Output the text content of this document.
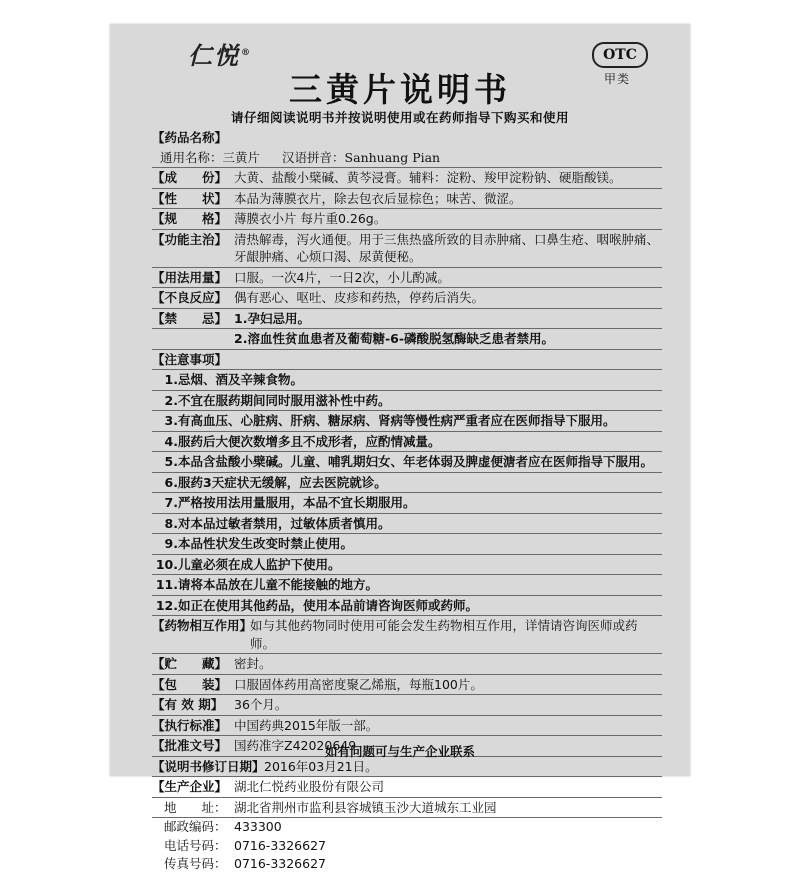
仁悦®
三黄片说明书
OTC
甲类
请仔细阅读说明书并按说明使用或在药师指导下购买和使用
【药品名称】
通用名称： 三黄片 汉语拼音： Sanhuang Pian
【成　　份】 大黄、盐酸小檗碱、黄芩浸膏。辅料：淀粉、羧甲淀粉钠、硬脂酸镁。
【性　　状】 本品为薄膜衣片，除去包衣后显棕色；味苦、微涩。
【规　　格】 薄膜衣小片 每片重0.26g。
【功能主治】 清热解毒，泻火通便。用于三焦热盛所致的目赤肿痛、口鼻生疮、咽喉肿痛、牙龈肿痛、心烦口渴、尿黄便秘。
【用法用量】 口服。一次4片，一日2次，小儿酌减。
【不良反应】 偶有恶心、呕吐、皮疹和药热，停药后消失。
【禁　　忌】 1.孕妇忌用。
2.溶血性贫血患者及葡萄糖-6-磷酸脱氢酶缺乏患者禁用。
【注意事项】
1. 忌烟、酒及辛辣食物。
2. 不宜在服药期间同时服用滋补性中药。
3. 有高血压、心脏病、肝病、糖尿病、肾病等慢性病严重者应在医师指导下服用。
4. 服药后大便次数增多且不成形者，应酌情减量。
5. 本品含盐酸小檗碱。儿童、哺乳期妇女、年老体弱及脾虚便溏者应在医师指导下服用。
6. 服药3天症状无缓解，应去医院就诊。
7. 严格按用法用量服用，本品不宜长期服用。
8. 对本品过敏者禁用，过敏体质者慎用。
9. 本品性状发生改变时禁止使用。
10. 儿童必须在成人监护下使用。
11. 请将本品放在儿童不能接触的地方。
12. 如正在使用其他药品，使用本品前请咨询医师或药师。
【药物相互作用】
如与其他药物同时使用可能会发生药物相互作用，详情请咨询医师或药师。
【贮　　藏】 密封。
【包　　装】 口服固体药用高密度聚乙烯瓶，每瓶100片。
【有 效 期】 36个月。
【执行标准】 中国药典2015年版一部。
【批准文号】 国药准字Z42020649
【说明书修订日期】 2016年03月21日。
【生产企业】 湖北仁悦药业股份有限公司
地　　址： 湖北省荆州市监利县容城镇玉沙大道城东工业园
邮政编码： 433300
电话号码： 0716-3326627
传真号码： 0716-3326627
如有问题可与生产企业联系
